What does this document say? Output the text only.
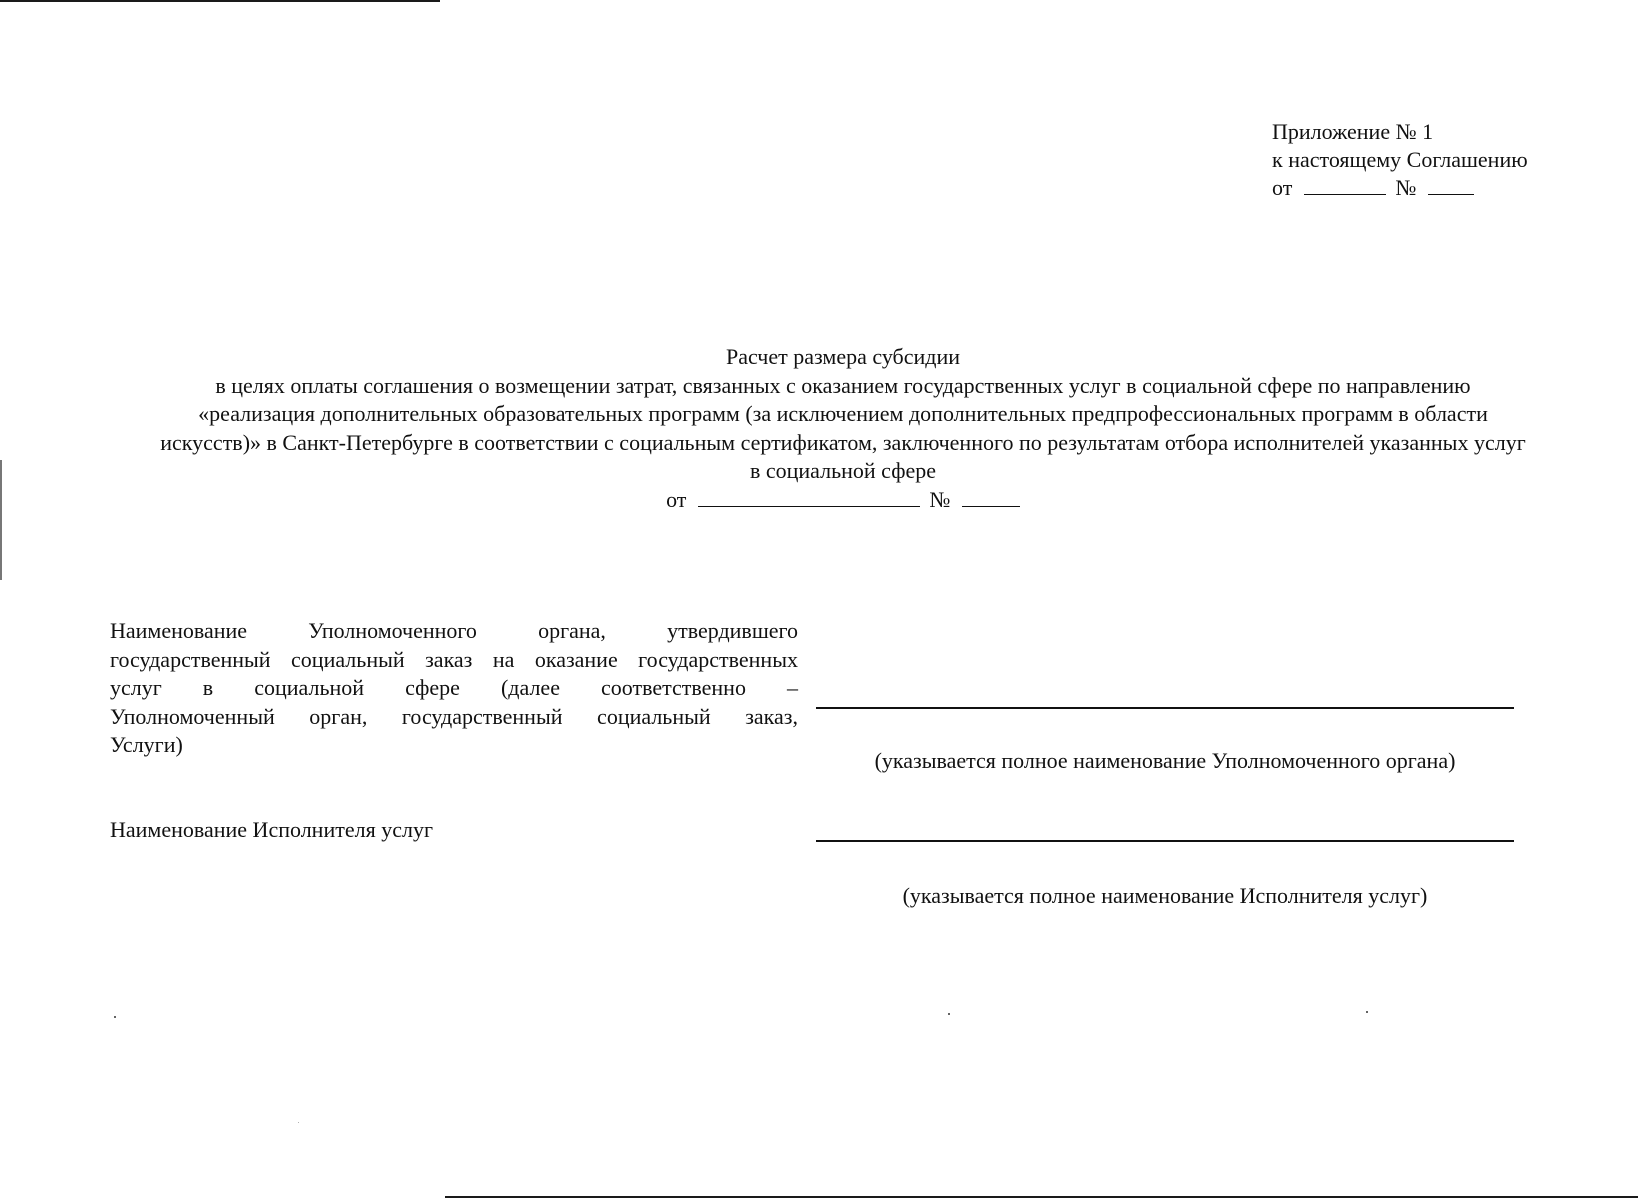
Приложение № 1
к настоящему Соглашению
от	№
Расчет размера субсидии
в целях оплаты соглашения о возмещении затрат, связанных с оказанием государственных услуг в социальной сфере по направлению
«реализация дополнительных образовательных программ (за исключением дополнительных предпрофессиональных программ в области
искусств)» в Санкт-Петербурге в соответствии с социальным сертификатом, заключенного по результатам отбора исполнителей указанных услуг
в социальной сфере
от	№
Наименование Уполномоченного органа, утвердившего
государственный социальный заказ на оказание государственных
услуг в социальной сфере (далее соответственно –
Уполномоченный орган, государственный социальный заказ,
Услуги)
(указывается полное наименование Уполномоченного органа)
Наименование Исполнителя услуг
(указывается полное наименование Исполнителя услуг)
